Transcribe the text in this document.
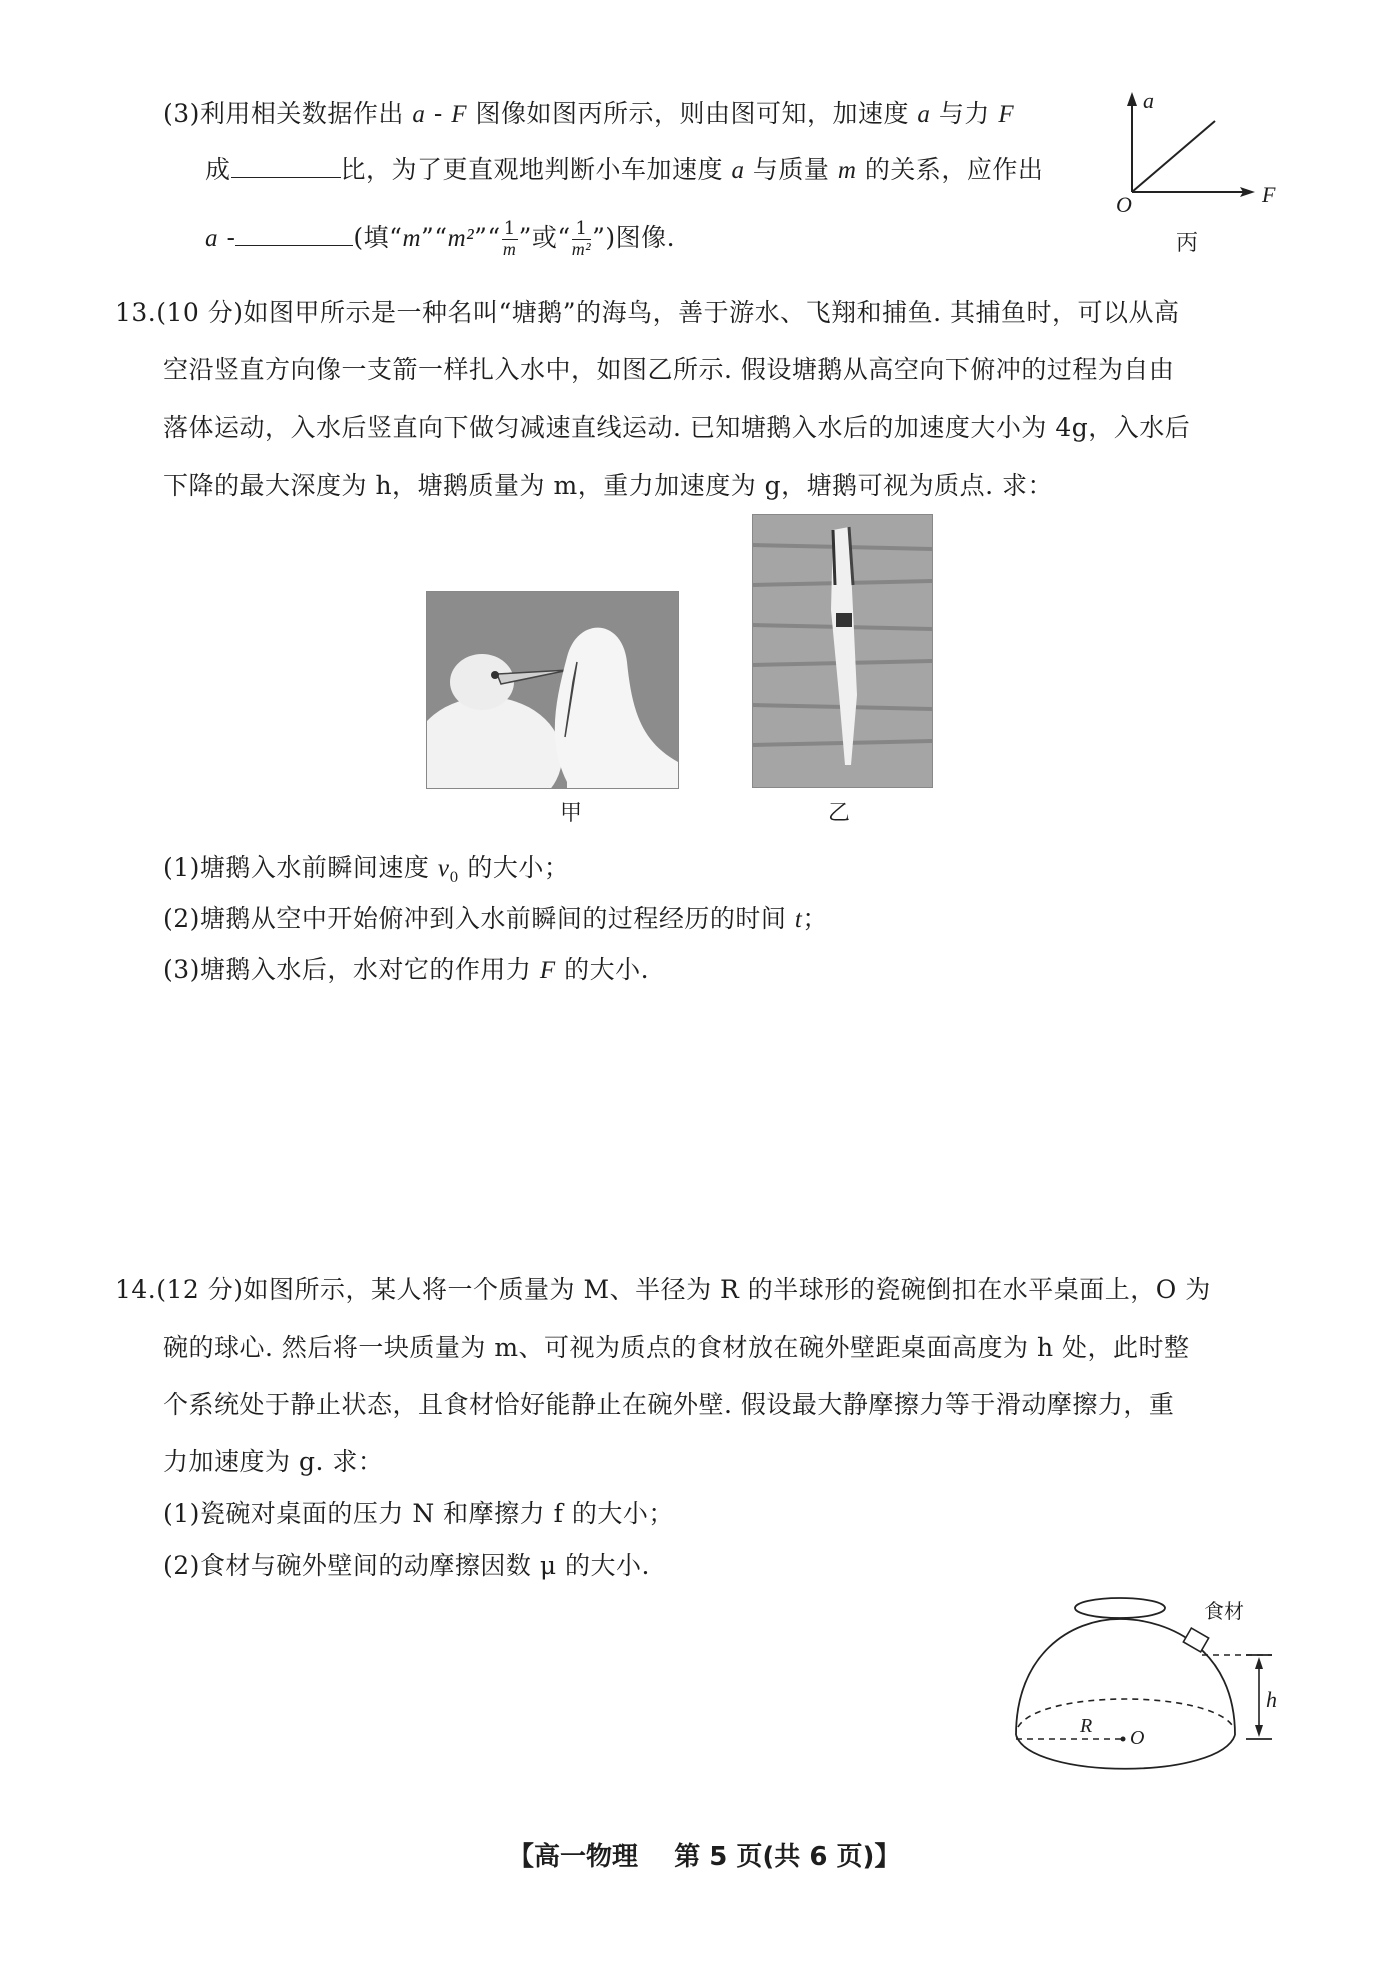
(3)利用相关数据作出 a - F 图像如图丙所示，则由图可知，加速度 a 与力 F
成	比，为了更直观地判断小车加速度 a 与质量 m 的关系，应作出
a -	(填“m”“m²”“ $\frac{1}{m}$ ”或“ $\frac{1}{\text{m²}}$ ”)图像.
a
F
O
丙
13.(10 分)如图甲所示是一种名叫“塘鹅”的海鸟，善于游水、飞翔和捕鱼. 其捕鱼时，可以从高
空沿竖直方向像一支箭一样扎入水中，如图乙所示. 假设塘鹅从高空向下俯冲的过程为自由
落体运动，入水后竖直向下做匀减速直线运动. 已知塘鹅入水后的加速度大小为 4g，入水后
下降的最大深度为 h，塘鹅质量为 m，重力加速度为 g，塘鹅可视为质点. 求：
甲	乙
(1)塘鹅入水前瞬间速度 $v_0$ 的大小；
(2)塘鹅从空中开始俯冲到入水前瞬间的过程经历的时间 t；
(3)塘鹅入水后，水对它的作用力 F 的大小.
14.(12 分)如图所示，某人将一个质量为 M、半径为 R 的半球形的瓷碗倒扣在水平桌面上，O 为
碗的球心. 然后将一块质量为 m、可视为质点的食材放在碗外壁距桌面高度为 h 处，此时整
个系统处于静止状态，且食材恰好能静止在碗外壁. 假设最大静摩擦力等于滑动摩擦力，重
力加速度为 g. 求：
(1)瓷碗对桌面的压力 N 和摩擦力 f 的大小；
(2)食材与碗外壁间的动摩擦因数 μ 的大小.
食材
h
R
O
【高一物理    第 5 页(共 6 页)】
